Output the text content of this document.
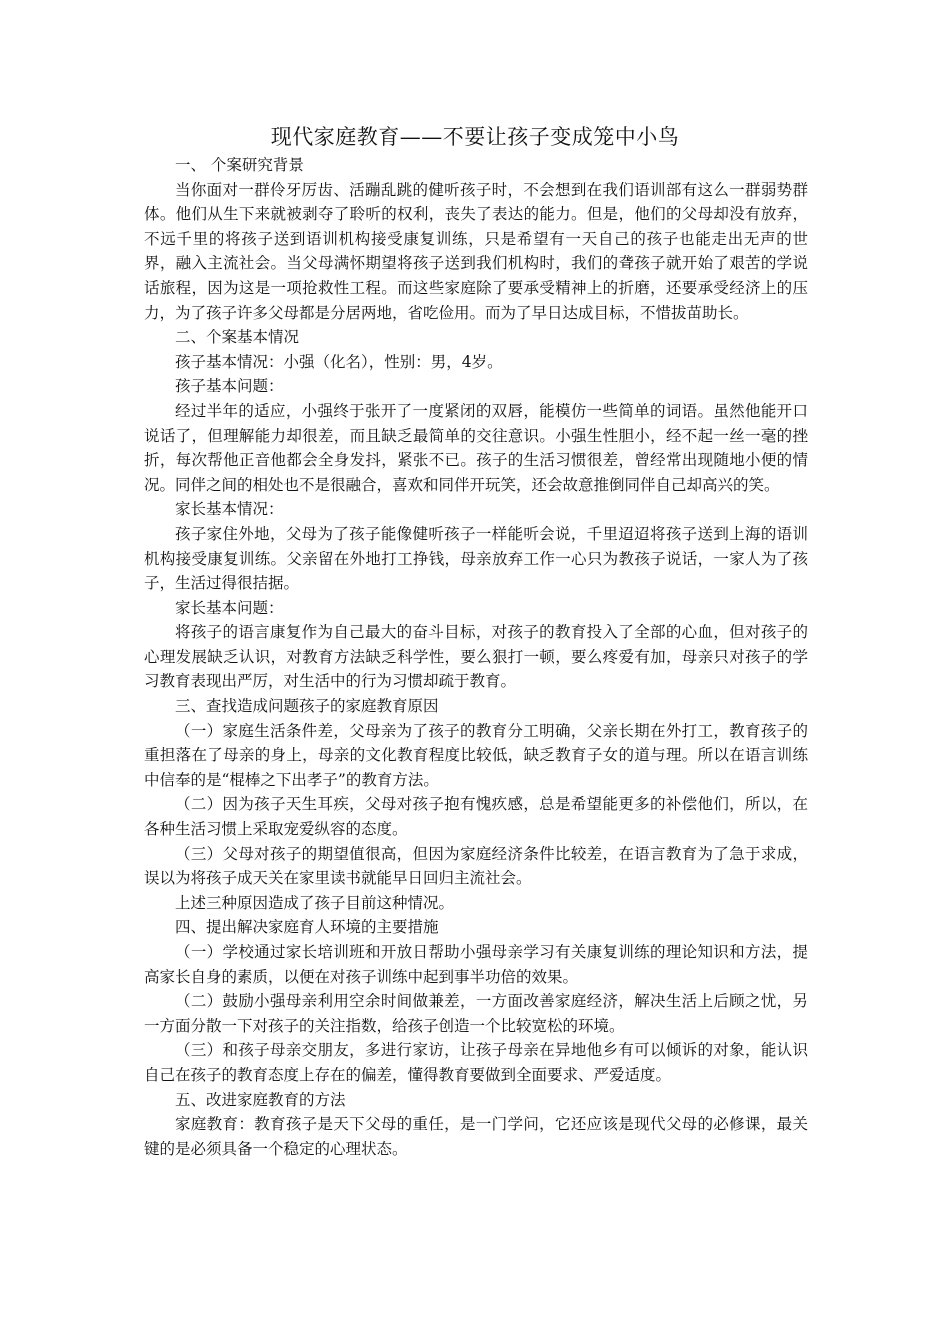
现代家庭教育——不要让孩子变成笼中小鸟

一、 个案研究背景

当你面对一群伶牙厉齿、活蹦乱跳的健听孩子时，不会想到在我们语训部有这么一群弱势群体。他们从生下来就被剥夺了聆听的权利，丧失了表达的能力。但是，他们的父母却没有放弃，不远千里的将孩子送到语训机构接受康复训练，只是希望有一天自己的孩子也能走出无声的世界，融入主流社会。当父母满怀期望将孩子送到我们机构时，我们的聋孩子就开始了艰苦的学说话旅程，因为这是一项抢救性工程。而这些家庭除了要承受精神上的折磨，还要承受经济上的压力，为了孩子许多父母都是分居两地，省吃俭用。而为了早日达成目标，不惜拔苗助长。

二、个案基本情况

孩子基本情况：小强（化名），性别：男，4岁。

孩子基本问题：

经过半年的适应，小强终于张开了一度紧闭的双唇，能模仿一些简单的词语。虽然他能开口说话了，但理解能力却很差，而且缺乏最简单的交往意识。小强生性胆小，经不起一丝一毫的挫折，每次帮他正音他都会全身发抖，紧张不已。孩子的生活习惯很差，曾经常出现随地小便的情况。同伴之间的相处也不是很融合，喜欢和同伴开玩笑，还会故意推倒同伴自己却高兴的笑。

家长基本情况：

孩子家住外地，父母为了孩子能像健听孩子一样能听会说，千里迢迢将孩子送到上海的语训机构接受康复训练。父亲留在外地打工挣钱，母亲放弃工作一心只为教孩子说话，一家人为了孩子，生活过得很拮据。

家长基本问题：

将孩子的语言康复作为自己最大的奋斗目标，对孩子的教育投入了全部的心血，但对孩子的心理发展缺乏认识，对教育方法缺乏科学性，要么狠打一顿，要么疼爱有加，母亲只对孩子的学习教育表现出严厉，对生活中的行为习惯却疏于教育。

三、查找造成问题孩子的家庭教育原因

（一）家庭生活条件差，父母亲为了孩子的教育分工明确，父亲长期在外打工，教育孩子的重担落在了母亲的身上，母亲的文化教育程度比较低，缺乏教育子女的道与理。所以在语言训练中信奉的是“棍棒之下出孝子”的教育方法。

（二）因为孩子天生耳疾，父母对孩子抱有愧疚感，总是希望能更多的补偿他们，所以，在各种生活习惯上采取宠爱纵容的态度。

（三）父母对孩子的期望值很高，但因为家庭经济条件比较差，在语言教育为了急于求成，误以为将孩子成天关在家里读书就能早日回归主流社会。

上述三种原因造成了孩子目前这种情况。

四、提出解决家庭育人环境的主要措施

（一）学校通过家长培训班和开放日帮助小强母亲学习有关康复训练的理论知识和方法，提高家长自身的素质，以便在对孩子训练中起到事半功倍的效果。

（二）鼓励小强母亲利用空余时间做兼差，一方面改善家庭经济，解决生活上后顾之忧，另一方面分散一下对孩子的关注指数，给孩子创造一个比较宽松的环境。

（三）和孩子母亲交朋友，多进行家访，让孩子母亲在异地他乡有可以倾诉的对象，能认识自己在孩子的教育态度上存在的偏差，懂得教育要做到全面要求、严爱适度。

五、改进家庭教育的方法

家庭教育：教育孩子是天下父母的重任，是一门学问，它还应该是现代父母的必修课，最关键的是必须具备一个稳定的心理状态。
